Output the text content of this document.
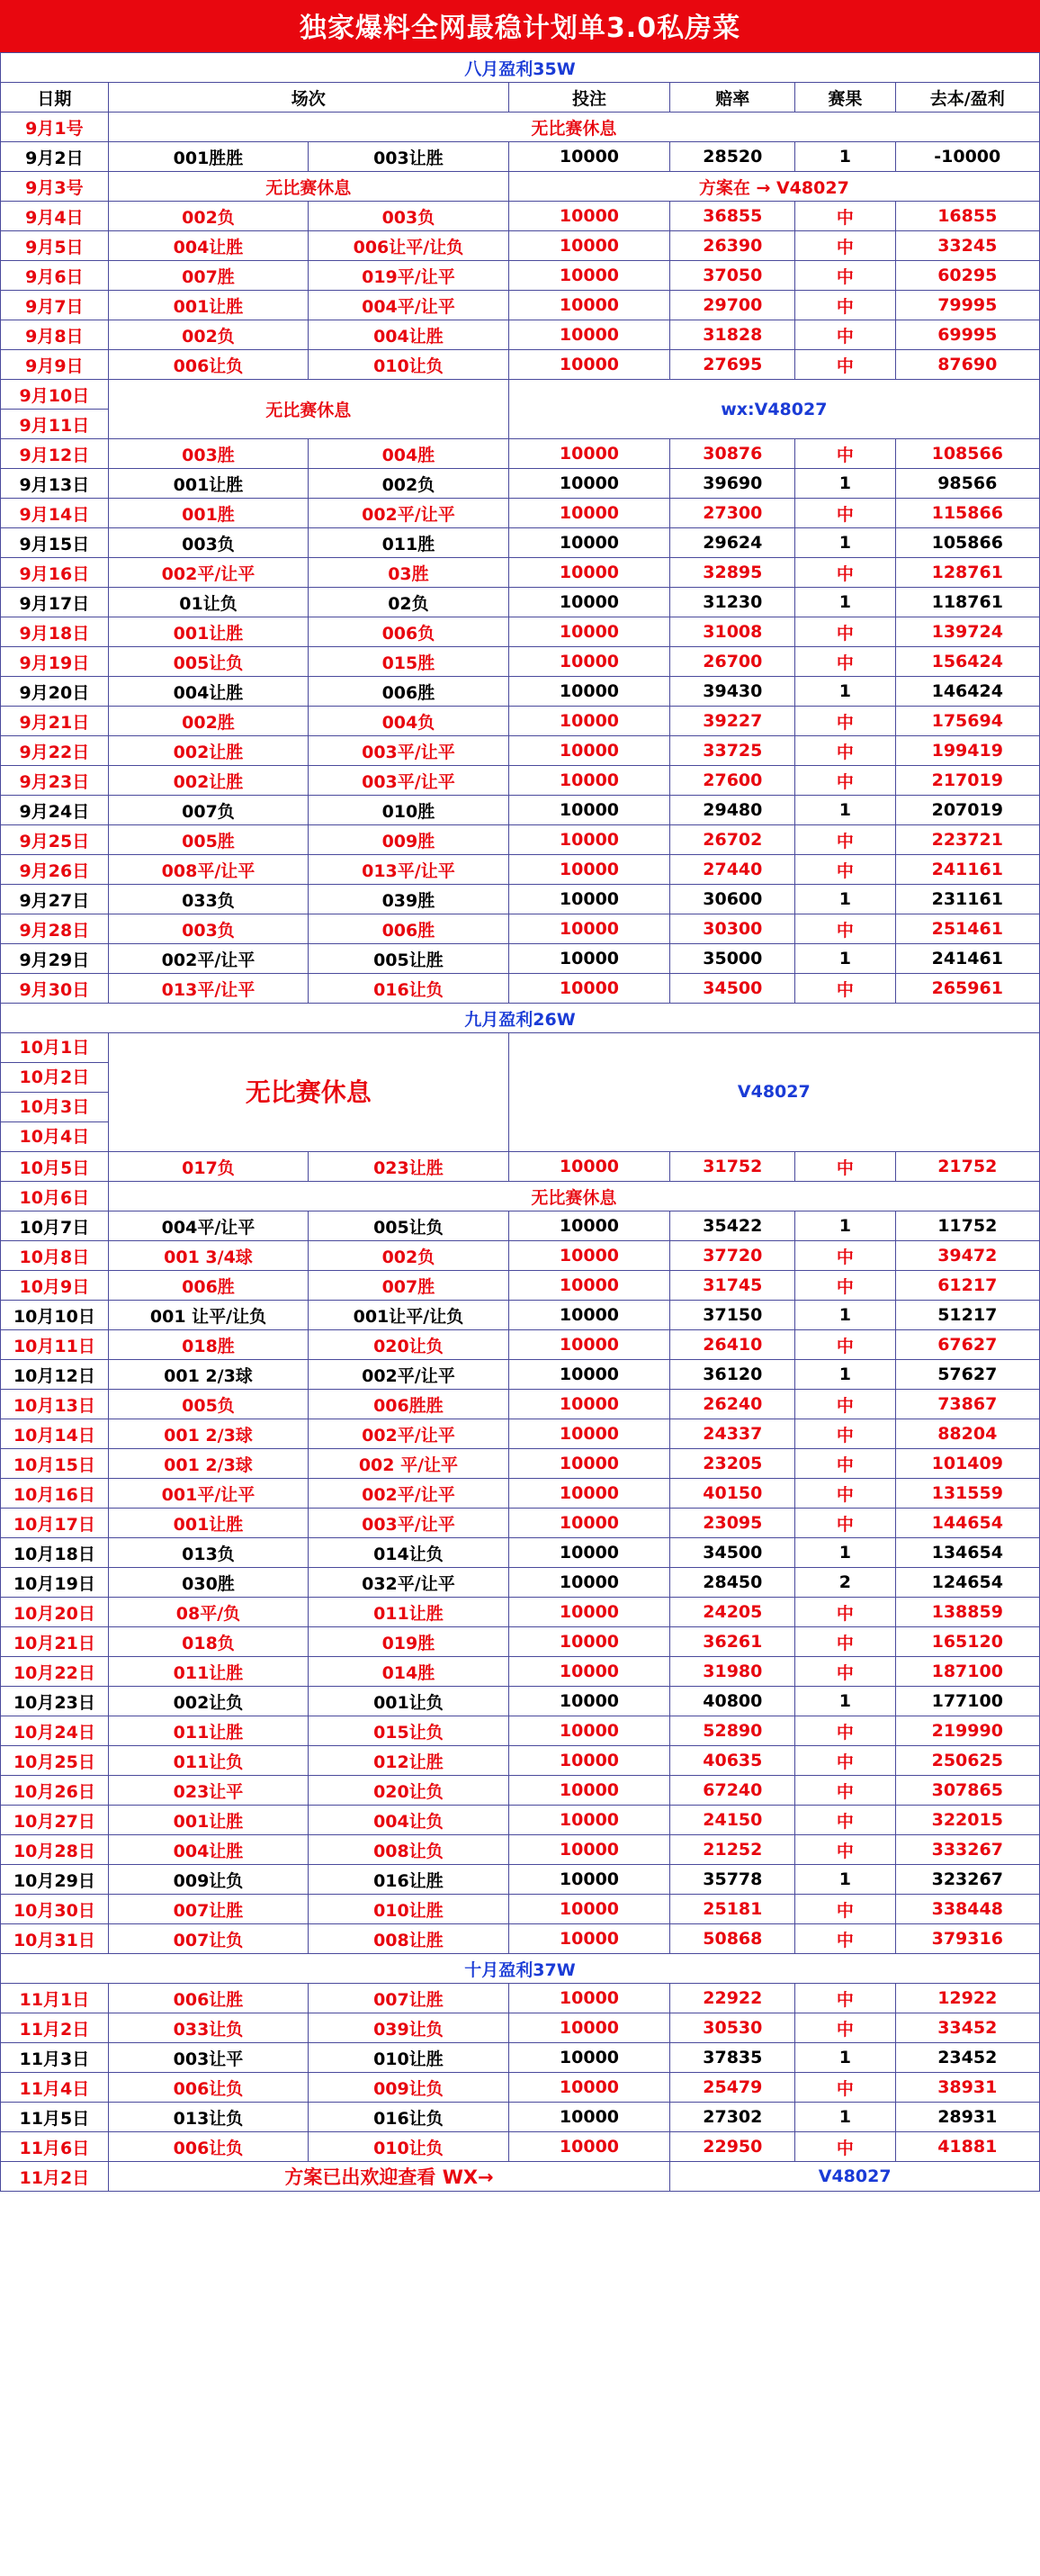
独家爆料全网最稳计划单3.0私房菜
八月盈利35W						
日期	场次		投注	赔率	赛果	去本/盈利
9月1号	无比赛休息					
9月2日	001胜胜	003让胜	10000	28520	1	-10000
9月3号	无比赛休息		方案在 → V48027			
9月4日	002负	003负	10000	36855	中	16855
9月5日	004让胜	006让平/让负	10000	26390	中	33245
9月6日	007胜	019平/让平	10000	37050	中	60295
9月7日	001让胜	004平/让平	10000	29700	中	79995
9月8日	002负	004让胜	10000	31828	中	69995
9月9日	006让负	010让负	10000	27695	中	87690
9月10日	无比赛休息		wx:V48027			
9月11日						
9月12日	003胜	004胜	10000	30876	中	108566
9月13日	001让胜	002负	10000	39690	1	98566
9月14日	001胜	002平/让平	10000	27300	中	115866
9月15日	003负	011胜	10000	29624	1	105866
9月16日	002平/让平	03胜	10000	32895	中	128761
9月17日	01让负	02负	10000	31230	1	118761
9月18日	001让胜	006负	10000	31008	中	139724
9月19日	005让负	015胜	10000	26700	中	156424
9月20日	004让胜	006胜	10000	39430	1	146424
9月21日	002胜	004负	10000	39227	中	175694
9月22日	002让胜	003平/让平	10000	33725	中	199419
9月23日	002让胜	003平/让平	10000	27600	中	217019
9月24日	007负	010胜	10000	29480	1	207019
9月25日	005胜	009胜	10000	26702	中	223721
9月26日	008平/让平	013平/让平	10000	27440	中	241161
9月27日	033负	039胜	10000	30600	1	231161
9月28日	003负	006胜	10000	30300	中	251461
9月29日	002平/让平	005让胜	10000	35000	1	241461
9月30日	013平/让平	016让负	10000	34500	中	265961
九月盈利26W						
10月1日	无比赛休息		V48027			
10月2日						
10月3日						
10月4日						
10月5日	017负	023让胜	10000	31752	中	21752
10月6日	无比赛休息					
10月7日	004平/让平	005让负	10000	35422	1	11752
10月8日	001 3/4球	002负	10000	37720	中	39472
10月9日	006胜	007胜	10000	31745	中	61217
10月10日	001 让平/让负	001让平/让负	10000	37150	1	51217
10月11日	018胜	020让负	10000	26410	中	67627
10月12日	001 2/3球	002平/让平	10000	36120	1	57627
10月13日	005负	006胜胜	10000	26240	中	73867
10月14日	001 2/3球	002平/让平	10000	24337	中	88204
10月15日	001 2/3球	002 平/让平	10000	23205	中	101409
10月16日	001平/让平	002平/让平	10000	40150	中	131559
10月17日	001让胜	003平/让平	10000	23095	中	144654
10月18日	013负	014让负	10000	34500	1	134654
10月19日	030胜	032平/让平	10000	28450	2	124654
10月20日	08平/负	011让胜	10000	24205	中	138859
10月21日	018负	019胜	10000	36261	中	165120
10月22日	011让胜	014胜	10000	31980	中	187100
10月23日	002让负	001让负	10000	40800	1	177100
10月24日	011让胜	015让负	10000	52890	中	219990
10月25日	011让负	012让胜	10000	40635	中	250625
10月26日	023让平	020让负	10000	67240	中	307865
10月27日	001让胜	004让负	10000	24150	中	322015
10月28日	004让胜	008让负	10000	21252	中	333267
10月29日	009让负	016让胜	10000	35778	1	323267
10月30日	007让胜	010让胜	10000	25181	中	338448
10月31日	007让负	008让胜	10000	50868	中	379316
十月盈利37W						
11月1日	006让胜	007让胜	10000	22922	中	12922
11月2日	033让负	039让负	10000	30530	中	33452
11月3日	003让平	010让胜	10000	37835	1	23452
11月4日	006让负	009让负	10000	25479	中	38931
11月5日	013让负	016让负	10000	27302	1	28931
11月6日	006让负	010让负	10000	22950	中	41881
11月2日	方案已出欢迎查看 WX→			V48027		
